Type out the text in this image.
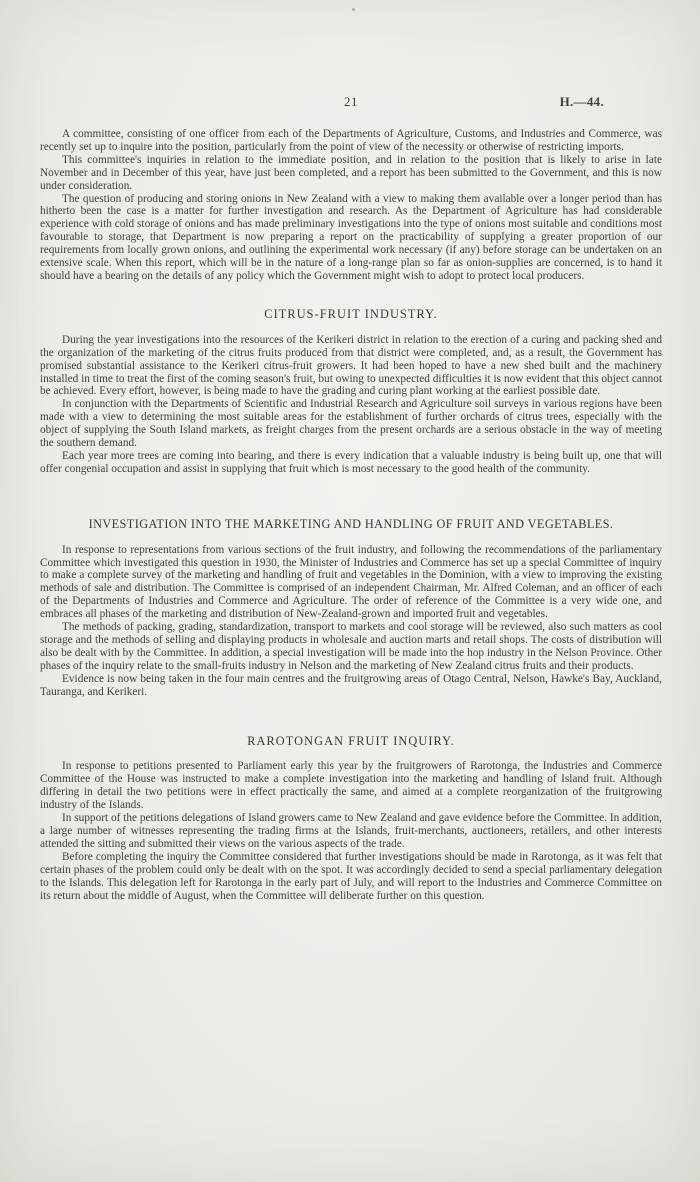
21	H.—44.

A committee, consisting of one officer from each of the Departments of Agriculture, Customs, and Industries and Commerce, was recently set up to inquire into the position, particularly from the point of view of the necessity or otherwise of restricting imports.

This committee's inquiries in relation to the immediate position, and in relation to the position that is likely to arise in late November and in December of this year, have just been completed, and a report has been submitted to the Government, and this is now under consideration.

The question of producing and storing onions in New Zealand with a view to making them available over a longer period than has hitherto been the case is a matter for further investigation and research. As the Department of Agriculture has had considerable experience with cold storage of onions and has made preliminary investigations into the type of onions most suitable and conditions most favourable to storage, that Department is now preparing a report on the practicability of supplying a greater proportion of our requirements from locally grown onions, and outlining the experimental work necessary (if any) before storage can be undertaken on an extensive scale. When this report, which will be in the nature of a long-range plan so far as onion-supplies are concerned, is to hand it should have a bearing on the details of any policy which the Government might wish to adopt to protect local producers.

CITRUS-FRUIT INDUSTRY.

During the year investigations into the resources of the Kerikeri district in relation to the erection of a curing and packing shed and the organization of the marketing of the citrus fruits produced from that district were completed, and, as a result, the Government has promised substantial assistance to the Kerikeri citrus-fruit growers. It had been hoped to have a new shed built and the machinery installed in time to treat the first of the coming season's fruit, but owing to unexpected difficulties it is now evident that this object cannot be achieved. Every effort, however, is being made to have the grading and curing plant working at the earliest possible date.

In conjunction with the Departments of Scientific and Industrial Research and Agriculture soil surveys in various regions have been made with a view to determining the most suitable areas for the establishment of further orchards of citrus trees, especially with the object of supplying the South Island markets, as freight charges from the present orchards are a serious obstacle in the way of meeting the southern demand.

Each year more trees are coming into bearing, and there is every indication that a valuable industry is being built up, one that will offer congenial occupation and assist in supplying that fruit which is most necessary to the good health of the community.

INVESTIGATION INTO THE MARKETING AND HANDLING OF FRUIT AND VEGETABLES.

In response to representations from various sections of the fruit industry, and following the recommendations of the parliamentary Committee which investigated this question in 1930, the Minister of Industries and Commerce has set up a special Committee of inquiry to make a complete survey of the marketing and handling of fruit and vegetables in the Dominion, with a view to improving the existing methods of sale and distribution. The Committee is comprised of an independent Chairman, Mr. Alfred Coleman, and an officer of each of the Departments of Industries and Commerce and Agriculture. The order of reference of the Committee is a very wide one, and embraces all phases of the marketing and distribution of New-Zealand-grown and imported fruit and vegetables.

The methods of packing, grading, standardization, transport to markets and cool storage will be reviewed, also such matters as cool storage and the methods of selling and displaying products in wholesale and auction marts and retail shops. The costs of distribution will also be dealt with by the Committee. In addition, a special investigation will be made into the hop industry in the Nelson Province. Other phases of the inquiry relate to the small-fruits industry in Nelson and the marketing of New Zealand citrus fruits and their products.

Evidence is now being taken in the four main centres and the fruitgrowing areas of Otago Central, Nelson, Hawke's Bay, Auckland, Tauranga, and Kerikeri.

RAROTONGAN FRUIT INQUIRY.

In response to petitions presented to Parliament early this year by the fruitgrowers of Rarotonga, the Industries and Commerce Committee of the House was instructed to make a complete investigation into the marketing and handling of Island fruit. Although differing in detail the two petitions were in effect practically the same, and aimed at a complete reorganization of the fruitgrowing industry of the Islands.

In support of the petitions delegations of Island growers came to New Zealand and gave evidence before the Committee. In addition, a large number of witnesses representing the trading firms at the Islands, fruit-merchants, auctioneers, retailers, and other interests attended the sitting and submitted their views on the various aspects of the trade.

Before completing the inquiry the Committee considered that further investigations should be made in Rarotonga, as it was felt that certain phases of the problem could only be dealt with on the spot. It was accordingly decided to send a special parliamentary delegation to the Islands. This delegation left for Rarotonga in the early part of July, and will report to the Industries and Commerce Committee on its return about the middle of August, when the Committee will deliberate further on this question.
